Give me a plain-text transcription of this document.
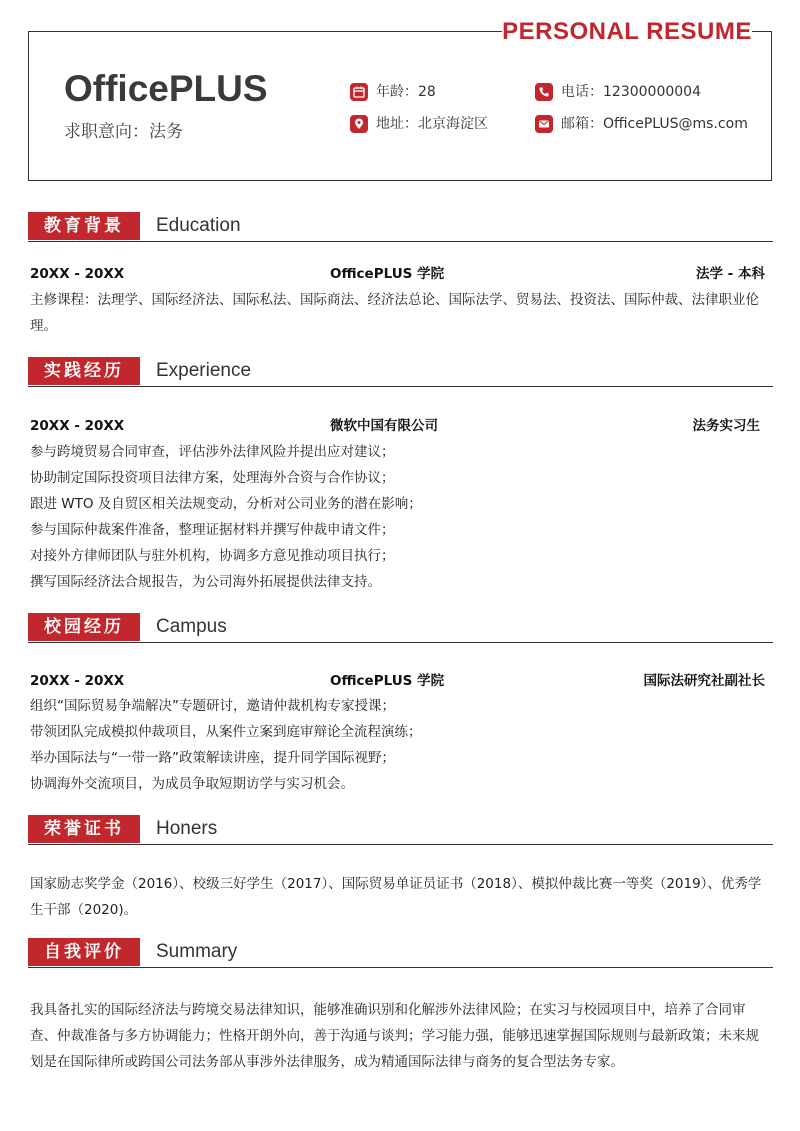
PERSONAL RESUME
OfficePLUS
求职意向：法务
年龄：28
地址：北京海淀区
电话：12300000004
邮箱：OfficePLUS@ms.com
教育背景	Education
20XX - 20XX	OfficePLUS 学院	法学 - 本科
主修课程：法理学、国际经济法、国际私法、国际商法、经济法总论、国际法学、贸易法、投资法、国际仲裁、法律职业伦理。
实践经历	Experience
20XX - 20XX	微软中国有限公司	法务实习生
参与跨境贸易合同审查，评估涉外法律风险并提出应对建议；
协助制定国际投资项目法律方案，处理海外合资与合作协议；
跟进 WTO 及自贸区相关法规变动，分析对公司业务的潜在影响；
参与国际仲裁案件准备，整理证据材料并撰写仲裁申请文件；
对接外方律师团队与驻外机构，协调多方意见推动项目执行；
撰写国际经济法合规报告，为公司海外拓展提供法律支持。
校园经历	Campus
20XX - 20XX	OfficePLUS 学院	国际法研究社副社长
组织“国际贸易争端解决”专题研讨，邀请仲裁机构专家授课；
带领团队完成模拟仲裁项目，从案件立案到庭审辩论全流程演练；
举办国际法与“一带一路”政策解读讲座，提升同学国际视野；
协调海外交流项目，为成员争取短期访学与实习机会。
荣誉证书	Honers
国家励志奖学金（2016）、校级三好学生（2017）、国际贸易单证员证书（2018）、模拟仲裁比赛一等奖（2019）、优秀学生干部（2020)。
自我评价	Summary
我具备扎实的国际经济法与跨境交易法律知识，能够准确识别和化解涉外法律风险；在实习与校园项目中，培养了合同审查、仲裁准备与多方协调能力；性格开朗外向，善于沟通与谈判；学习能力强，能够迅速掌握国际规则与最新政策；未来规划是在国际律所或跨国公司法务部从事涉外法律服务，成为精通国际法律与商务的复合型法务专家。
